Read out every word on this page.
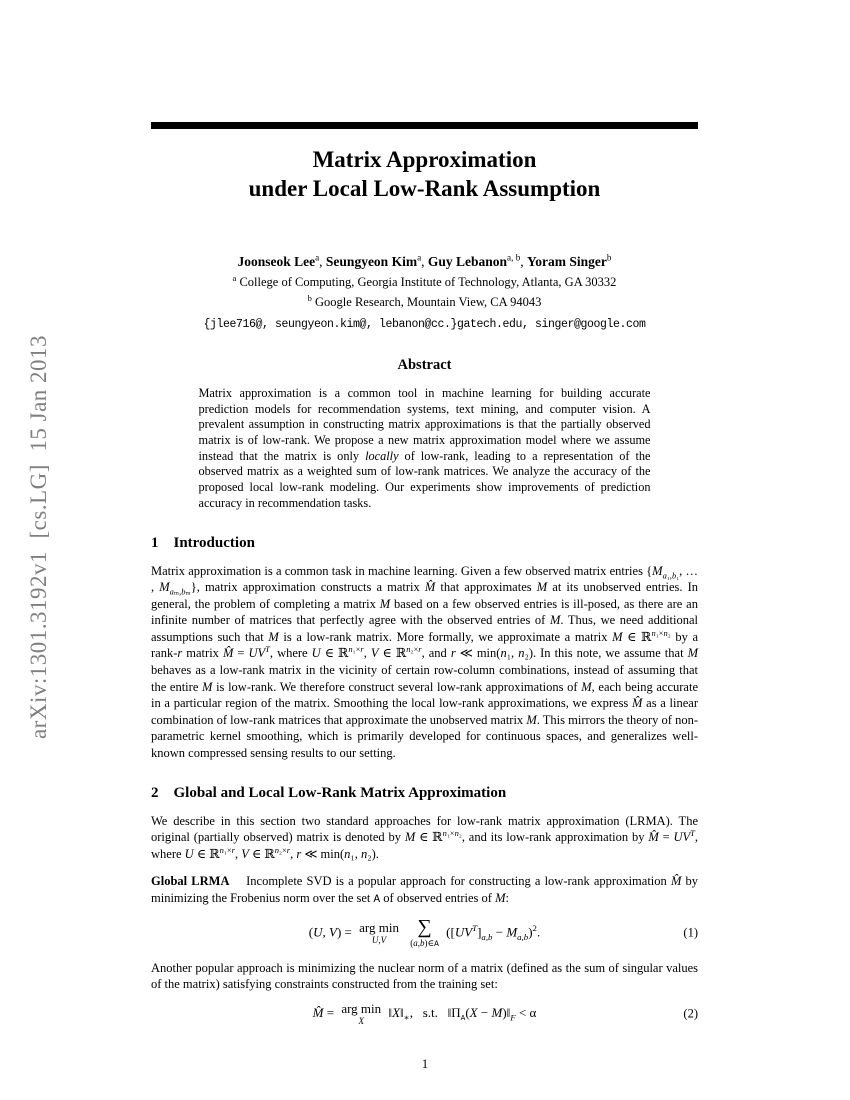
arXiv:1301.3192v1  [cs.LG]  15 Jan 2013
Matrix Approximation
under Local Low-Rank Assumption
Joonseok Lee$^a$, Seungyeon Kim$^a$, Guy Lebanon$^{a, b}$, Yoram Singer$^b$
$^a$ College of Computing, Georgia Institute of Technology, Atlanta, GA 30332
$^b$ Google Research, Mountain View, CA 94043
{jlee716@, seungyeon.kim@, lebanon@cc.}gatech.edu, singer@google.com
Abstract

Matrix approximation is a common tool in machine learning for building accurate prediction models for recommendation systems, text mining, and computer vision. A prevalent assumption in constructing matrix approximations is that the partially observed matrix is of low-rank. We propose a new matrix approximation model where we assume instead that the matrix is only locally of low-rank, leading to a representation of the observed matrix as a weighted sum of low-rank matrices. We analyze the accuracy of the proposed local low-rank modeling. Our experiments show improvements of prediction accuracy in recommendation tasks.

1 Introduction

Matrix approximation is a common task in machine learning. Given a few observed matrix entries {$M_{a_1,b_1}$, … , $M_{a_m,b_m}$}, matrix approximation constructs a matrix M̂ that approximates M at its unobserved entries. In general, the problem of completing a matrix M based on a few observed entries is ill-posed, as there are an infinite number of matrices that perfectly agree with the observed entries of M. Thus, we need additional assumptions such that M is a low-rank matrix. More formally, we approximate a matrix M ∈ ℝ$^{n_1\times n_2}$ by a rank-r matrix M̂ = $UV^T$, where U ∈ ℝ$^{n_1\times r}$, V ∈ ℝ$^{n_2\times r}$, and r ≪ min(n₁, n₂). In this note, we assume that M behaves as a low-rank matrix in the vicinity of certain row-column combinations, instead of assuming that the entire M is low-rank. We therefore construct several low-rank approximations of M, each being accurate in a particular region of the matrix. Smoothing the local low-rank approximations, we express M̂ as a linear combination of low-rank matrices that approximate the unobserved matrix M. This mirrors the theory of non-parametric kernel smoothing, which is primarily developed for continuous spaces, and generalizes well-known compressed sensing results to our setting.

2 Global and Local Low-Rank Matrix Approximation

We describe in this section two standard approaches for low-rank matrix approximation (LRMA). The original (partially observed) matrix is denoted by M ∈ ℝ$^{n_1\times n_2}$, and its low-rank approximation by M̂ = $UV^T$, where U ∈ ℝ$^{n_1\times r}$, V ∈ ℝ$^{n_2\times r}$, r ≪ min(n₁, n₂).

Global LRMA    Incomplete SVD is a popular approach for constructing a low-rank approximation M̂ by minimizing the Frobenius norm over the set A of observed entries of M:

(U, V) = arg min
U,V

∑
(a,b)∈A
$([UV^T]_{a,b} - M_{a,b})^2$.	(1)

Another popular approach is minimizing the nuclear norm of a matrix (defined as the sum of singular values of the matrix) satisfying constraints constructed from the training set:

M̂ = arg min
X
$‖X‖_∗$,   s.t.   $‖\Pi_A(X$ − $M)‖_F < \alpha$	(2)
1
